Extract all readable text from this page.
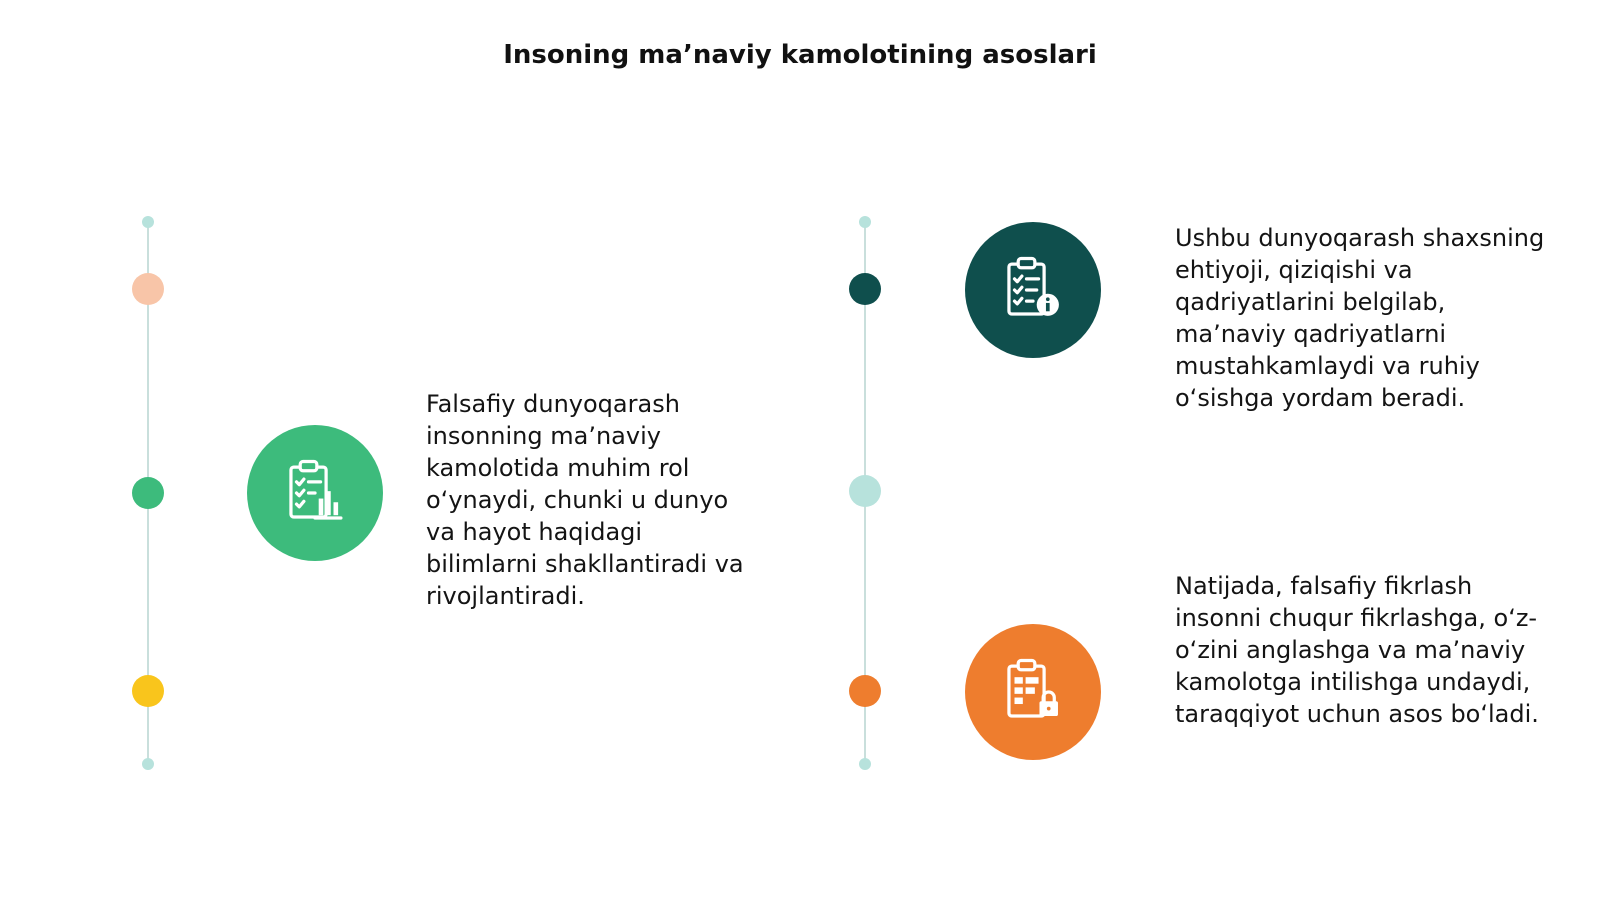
Insoning ma’naviy kamolotining asoslari

Falsafiy dunyoqarash insonning ma’naviy kamolotida muhim rol o‘ynaydi, chunki u dunyo va hayot haqidagi bilimlarni shakllantiradi va rivojlantiradi.

Ushbu dunyoqarash shaxsning ehtiyoji, qiziqishi va qadriyatlarini belgilab, ma’naviy qadriyatlarni mustahkamlaydi va ruhiy o‘sishga yordam beradi.

Natijada, falsafiy fikrlash insonni chuqur fikrlashga, o‘z-o‘zini anglashga va ma’naviy kamolotga intilishga undaydi, taraqqiyot uchun asos bo‘ladi.
